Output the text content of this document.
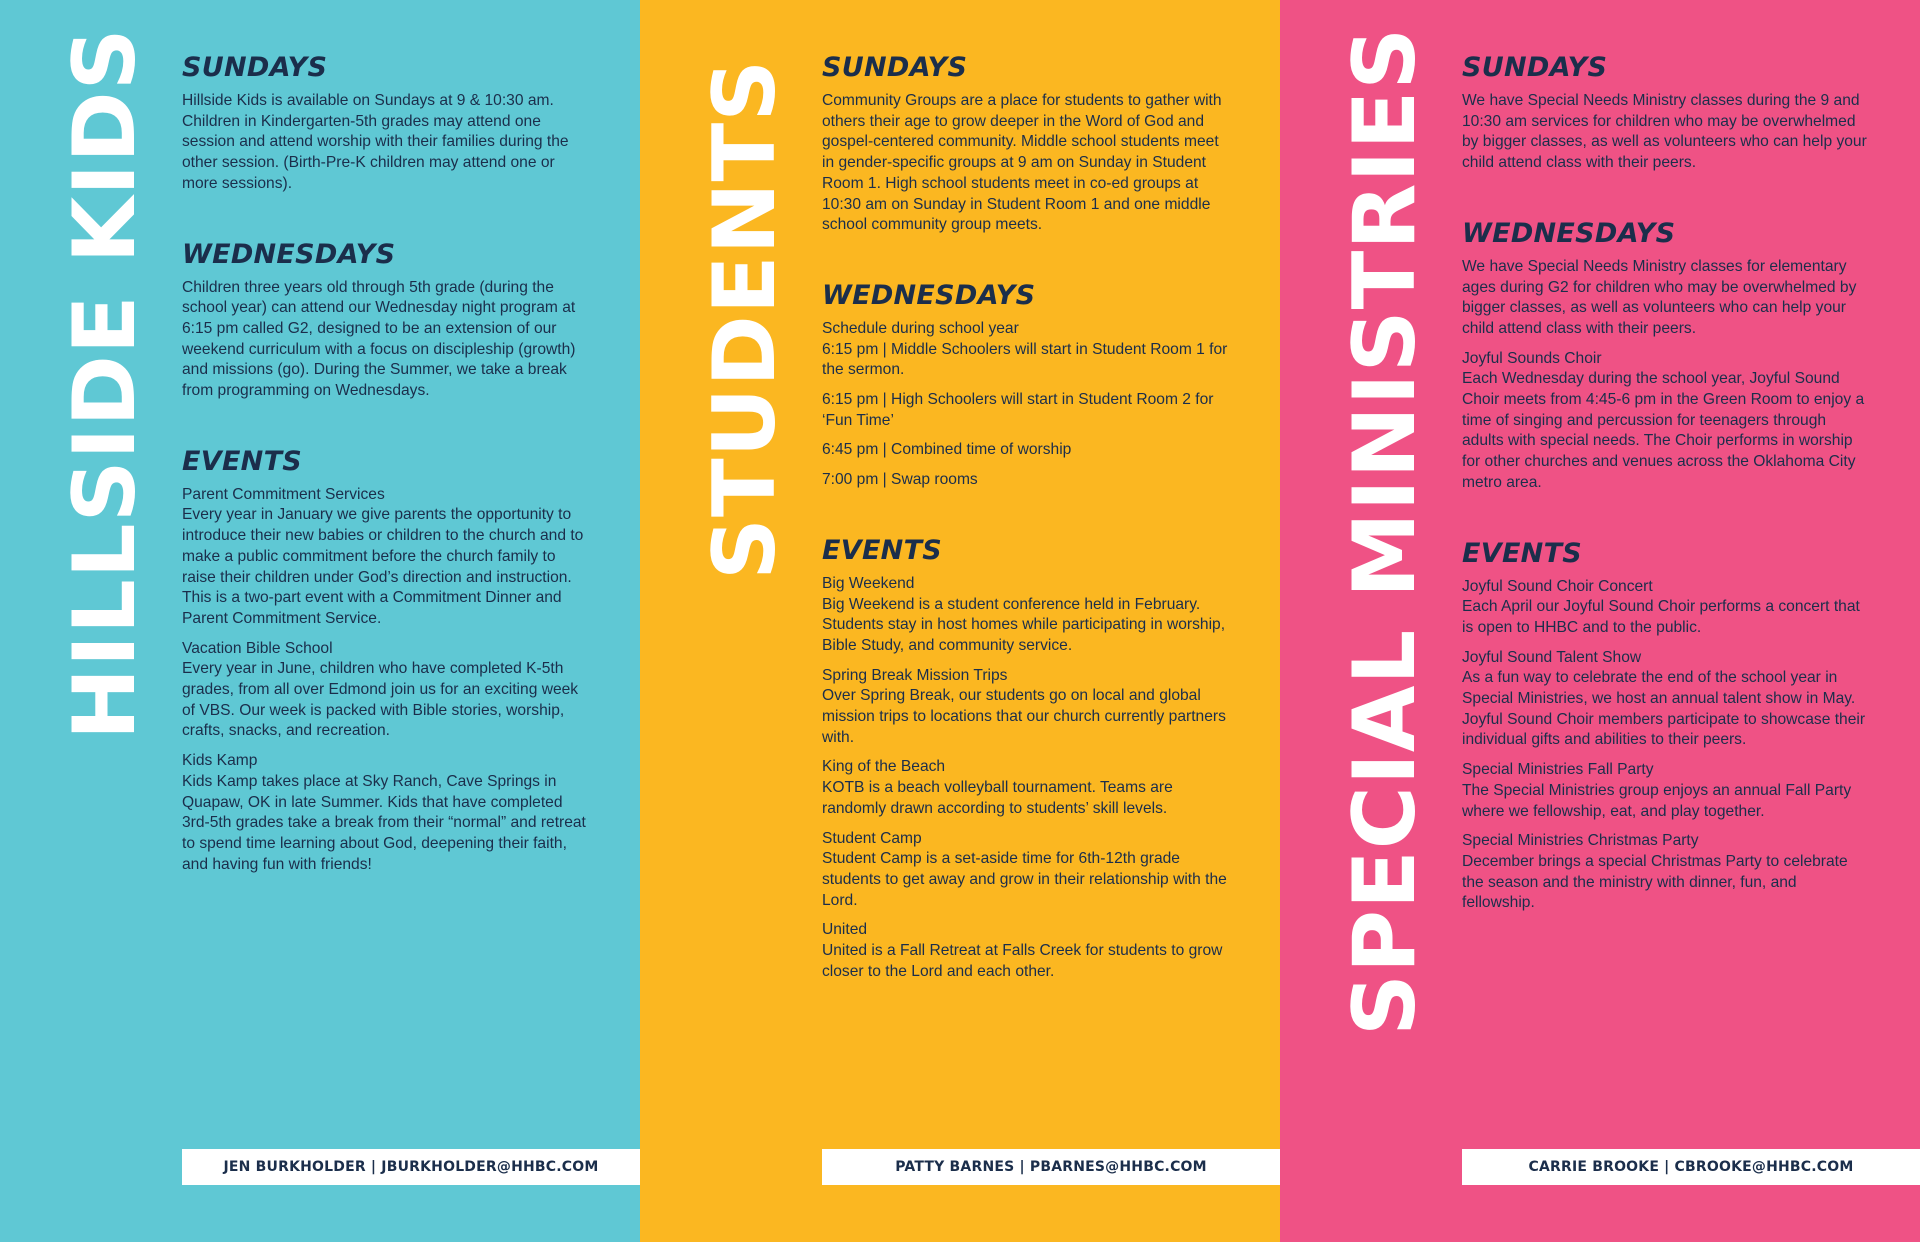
HILLSIDE KIDS SUNDAYS

Hillside Kids is available on Sundays at 9 & 10:30 am. Children in Kindergarten-5th grades may attend one session and attend worship with their families during the other session. (Birth-Pre-K children may attend one or more sessions).

WEDNESDAYS

Children three years old through 5th grade (during the school year) can attend our Wednesday night program at 6:15 pm called G2, designed to be an extension of our weekend curriculum with a focus on discipleship (growth) and missions (go). During the Summer, we take a break from programming on Wednesdays.

EVENTS
Parent Commitment Services
Every year in January we give parents the opportunity to introduce their new babies or children to the church and to make a public commitment before the church family to raise their children under God’s direction and instruction. This is a two-part event with a Commitment Dinner and Parent Commitment Service.
Vacation Bible School
Every year in June, children who have completed K-5th grades, from all over Edmond join us for an exciting week of VBS. Our week is packed with Bible stories, worship, crafts, snacks, and recreation.
Kids Kamp
Kids Kamp takes place at Sky Ranch, Cave Springs in Quapaw, OK in late Summer. Kids that have completed 3rd-5th grades take a break from their “normal” and retreat to spend time learning about God, deepening their faith, and having fun with friends!
JEN BURKHOLDER | JBURKHOLDER@HHBC.COM
STUDENTS SUNDAYS

Community Groups are a place for students to gather with others their age to grow deeper in the Word of God and gospel-centered community. Middle school students meet in gender-specific groups at 9 am on Sunday in Student Room 1. High school students meet in co-ed groups at 10:30 am on Sunday in Student Room 1 and one middle school community group meets.

WEDNESDAYS

Schedule during school year

6:15 pm | Middle Schoolers will start in Student Room 1 for the sermon.

6:15 pm | High Schoolers will start in Student Room 2 for ‘Fun Time’

6:45 pm | Combined time of worship

7:00 pm | Swap rooms

EVENTS
Big Weekend
Big Weekend is a student conference held in February. Students stay in host homes while participating in worship, Bible Study, and community service.
Spring Break Mission Trips
Over Spring Break, our students go on local and global mission trips to locations that our church currently partners with.
King of the Beach
KOTB is a beach volleyball tournament. Teams are randomly drawn according to students’ skill levels.
Student Camp
Student Camp is a set-aside time for 6th-12th grade students to get away and grow in their relationship with the Lord.
United
United is a Fall Retreat at Falls Creek for students to grow closer to the Lord and each other.
PATTY BARNES | PBARNES@HHBC.COM
SPECIAL MINISTRIES SUNDAYS

We have Special Needs Ministry classes during the 9 and 10:30 am services for children who may be overwhelmed by bigger classes, as well as volunteers who can help your child attend class with their peers.

WEDNESDAYS

We have Special Needs Ministry classes for elementary ages during G2 for children who may be overwhelmed by bigger classes, as well as volunteers who can help your child attend class with their peers.

Joyful Sounds Choir
Each Wednesday during the school year, Joyful Sound Choir meets from 4:45-6 pm in the Green Room to enjoy a time of singing and percussion for teenagers through adults with special needs. The Choir performs in worship for other churches and venues across the Oklahoma City metro area.
EVENTS
Joyful Sound Choir Concert
Each April our Joyful Sound Choir performs a concert that is open to HHBC and to the public.
Joyful Sound Talent Show
As a fun way to celebrate the end of the school year in Special Ministries, we host an annual talent show in May. Joyful Sound Choir members participate to showcase their individual gifts and abilities to their peers.
Special Ministries Fall Party
The Special Ministries group enjoys an annual Fall Party where we fellowship, eat, and play together.
Special Ministries Christmas Party
December brings a special Christmas Party to celebrate the season and the ministry with dinner, fun, and fellowship.
CARRIE BROOKE | CBROOKE@HHBC.COM
